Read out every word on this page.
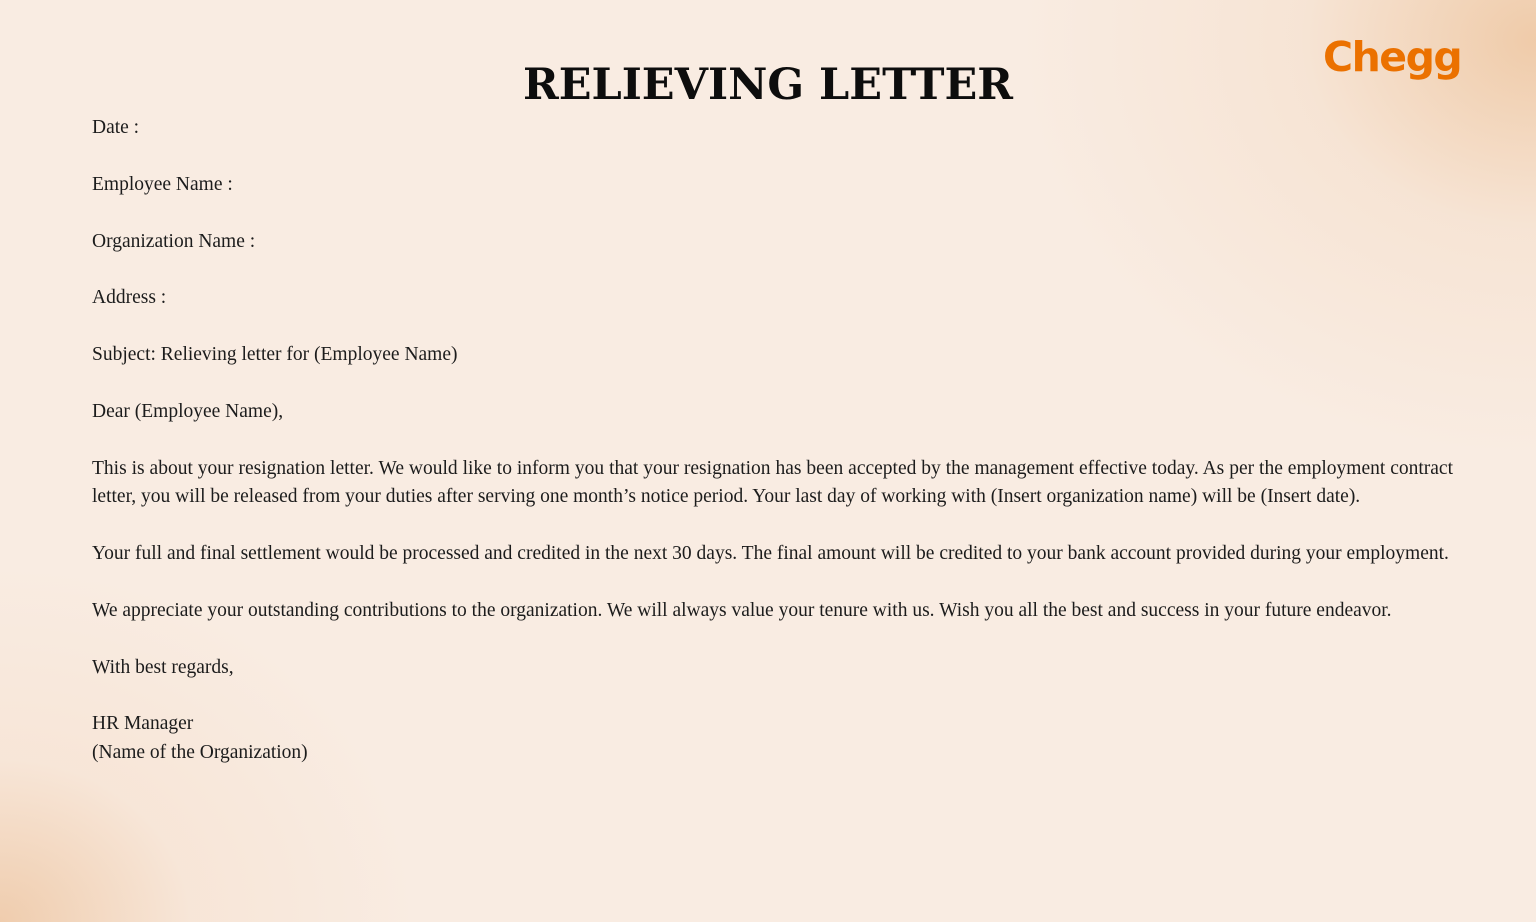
Chegg
RELIEVING LETTER

Date :

Employee Name :

Organization Name :

Address :

Subject: Relieving letter for (Employee Name)

Dear (Employee Name),

This is about your resignation letter. We would like to inform you that your resignation has been accepted by the management effective today. As per the employment contract letter, you will be released from your duties after serving one month’s notice period. Your last day of working with (Insert organization name) will be (Insert date).

Your full and final settlement would be processed and credited in the next 30 days. The final amount will be credited to your bank account provided during your employment.

We appreciate your outstanding contributions to the organization. We will always value your tenure with us. Wish you all the best and success in your future endeavor.

With best regards,

HR Manager

(Name of the Organization)
